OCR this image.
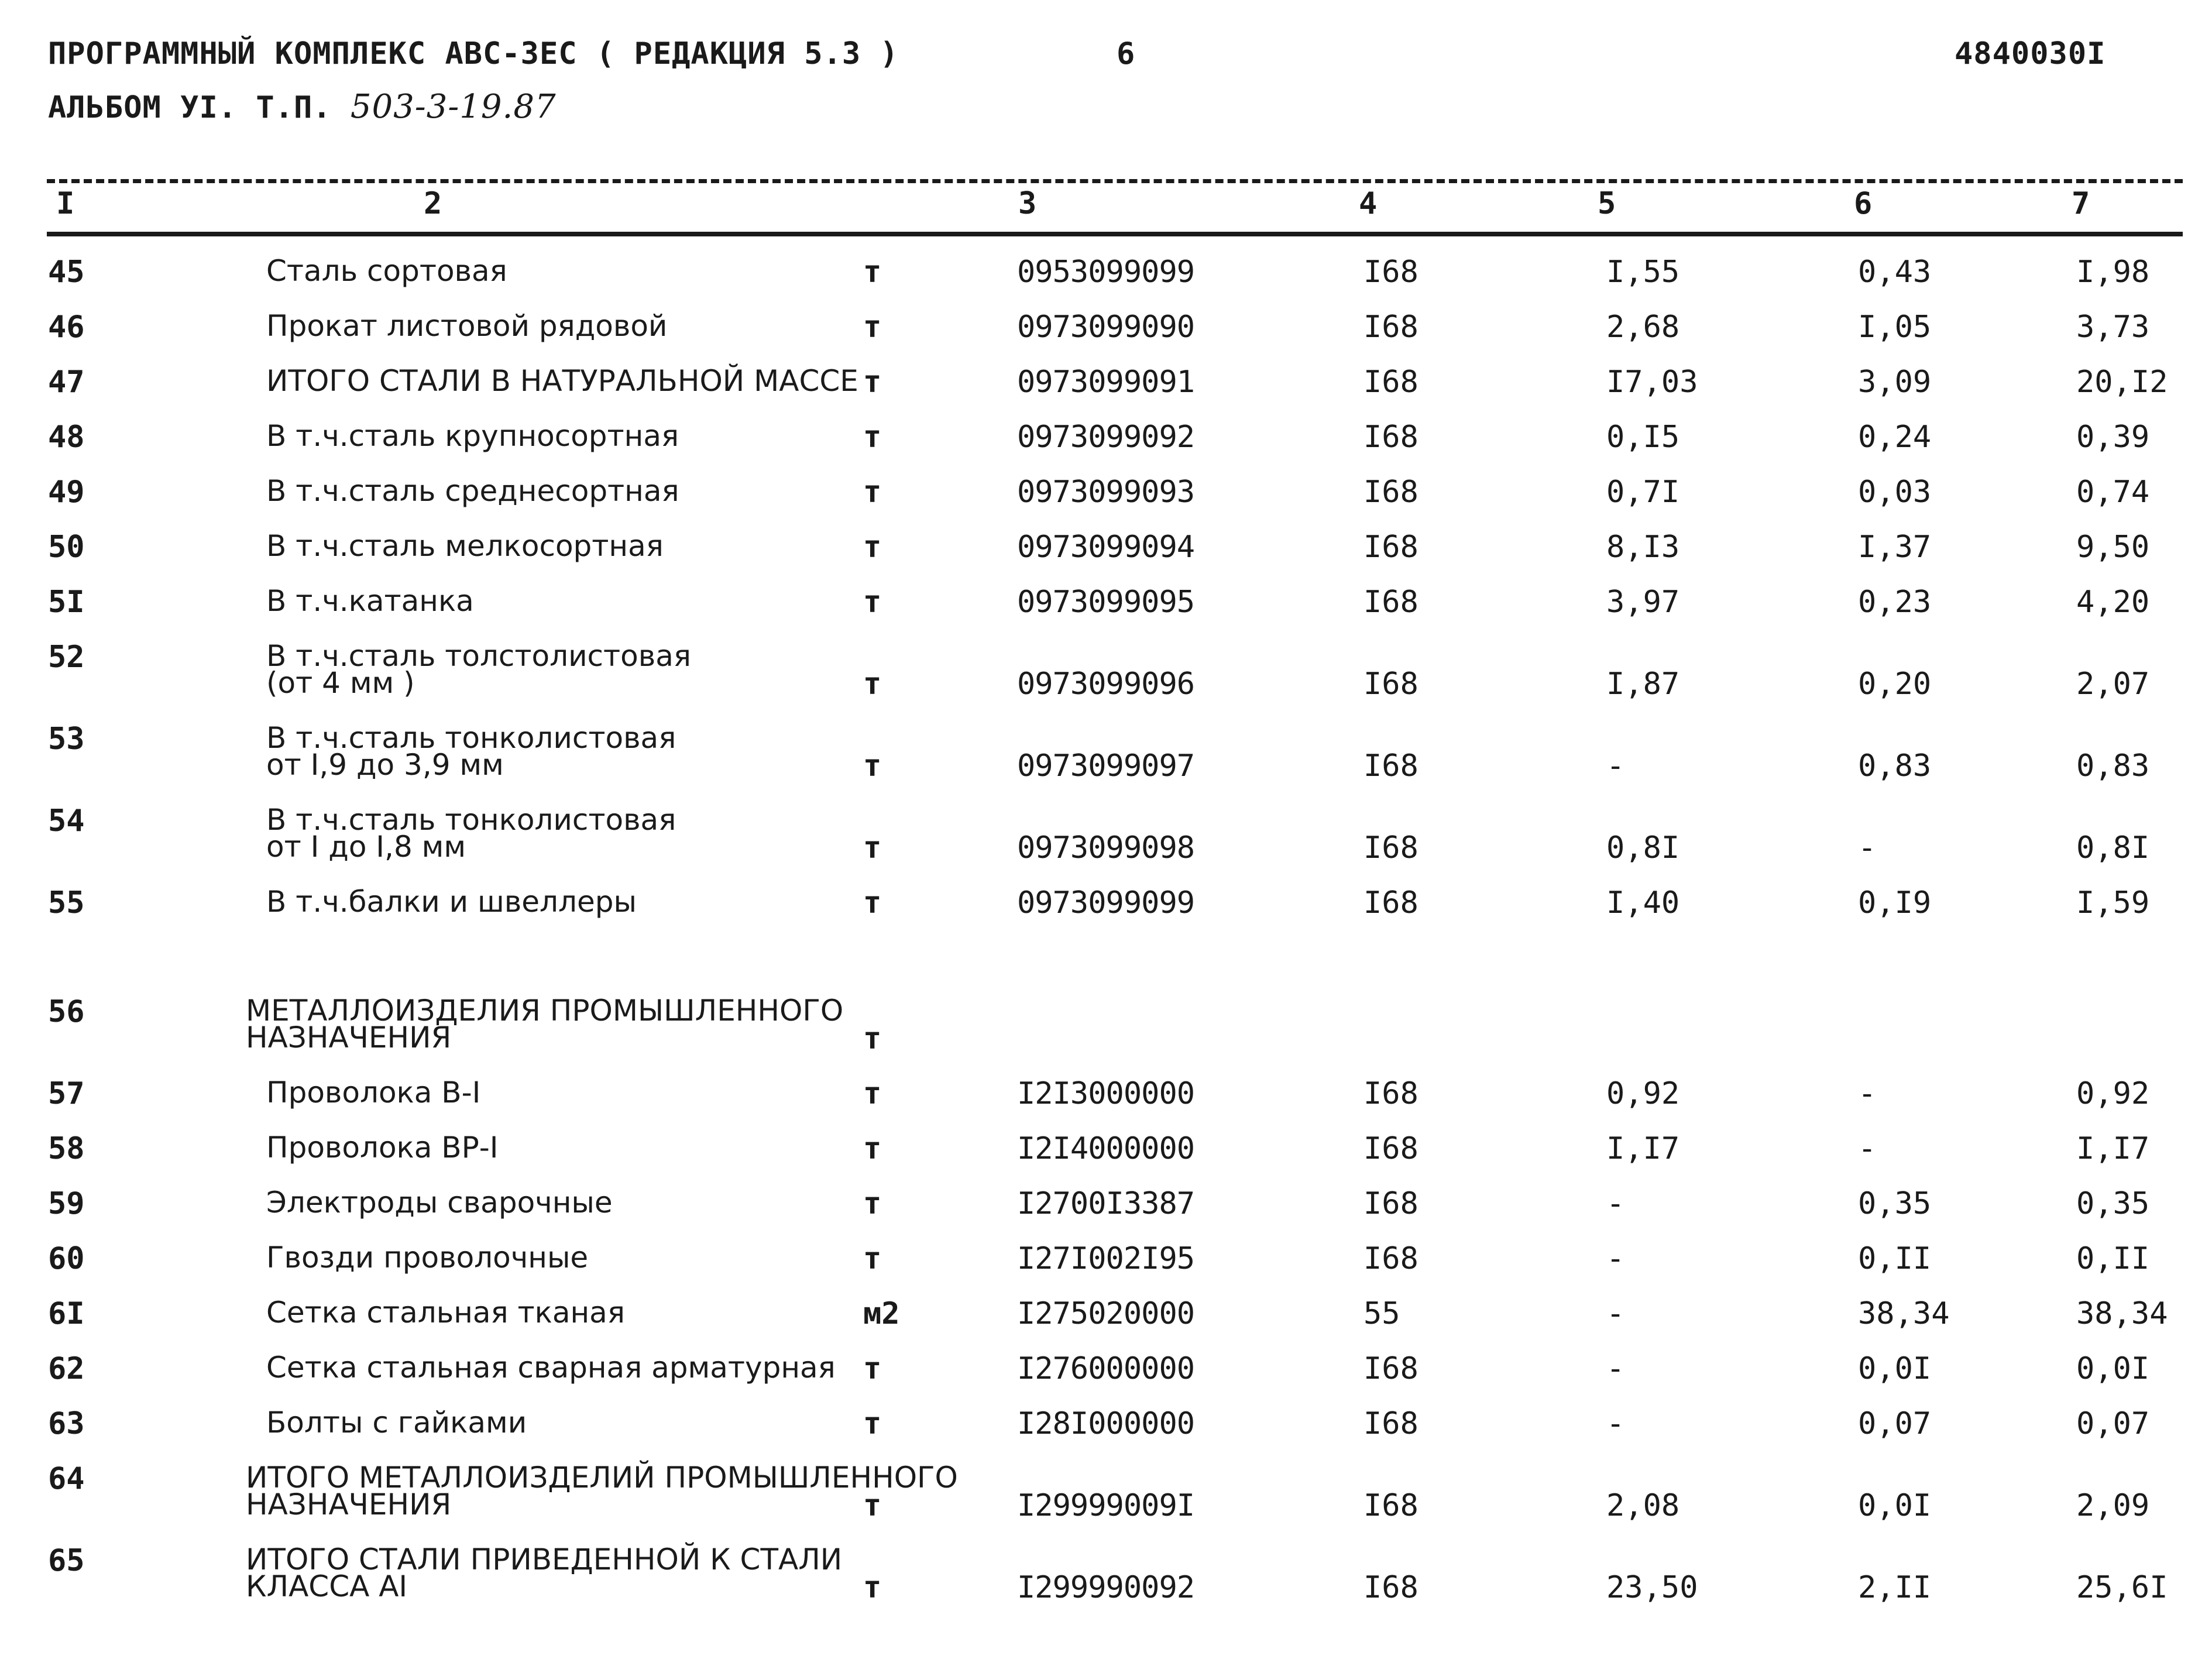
ПРОГРАММНЫЙ КОМПЛЕКС АВС-ЗЕС ( РЕДАКЦИЯ 5.3 )	6	4840030I
АЛЬБОМ УI. Т.П. 503-3-19.87
I	2	3	4	5	6	7
45	Сталь сортовая	т	0953099099	I68	I,55	0,43	I,98
46	Прокат листовой рядовой	т	0973099090	I68	2,68	I,05	3,73
47	ИТОГО СТАЛИ В НАТУРАЛЬНОЙ МАССЕ т	0973099091	I68	I7,03	3,09	20,I2
48	В т.ч.сталь крупносортная	т	0973099092	I68	0,I5	0,24	0,39
49	В т.ч.сталь среднесортная	т	0973099093	I68	0,7I	0,03	0,74
50	В т.ч.сталь мелкосортная	т	0973099094	I68	8,I3	I,37	9,50
5I	В т.ч.катанка	т	0973099095	I68	3,97	0,23	4,20
52	В т.ч.сталь толстолистовая
(от 4 мм )	т	0973099096	I68	I,87	0,20	2,07
53	В т.ч.сталь тонколистовая
от I,9 до 3,9 мм	т	0973099097	I68	-	0,83	0,83
54	В т.ч.сталь тонколистовая
от I до I,8 мм	т	0973099098	I68	0,8I	-	0,8I
55	В т.ч.балки и швеллеры	т	0973099099	I68	I,40	0,I9	I,59
56	МЕТАЛЛОИЗДЕЛИЯ ПРОМЫШЛЕННОГО
НАЗНАЧЕНИЯ	т
57	Проволока В-I	т	I2I3000000	I68	0,92	-	0,92
58	Проволока ВР-I	т	I2I4000000	I68	I,I7	-	I,I7
59	Электроды сварочные	т	I2700I3387	I68	-	0,35	0,35
60	Гвозди проволочные	т	I27I002I95	I68	-	0,II	0,II
6I	Сетка стальная тканая	м2	I275020000	55	-	38,34	38,34
62	Сетка стальная сварная арматурная т	I276000000	I68	-	0,0I	0,0I
63	Болты с гайками	т	I28I000000	I68	-	0,07	0,07
64	ИТОГО МЕТАЛЛОИЗДЕЛИЙ ПРОМЫШЛЕННОГО
НАЗНАЧЕНИЯ	т	I29999009I	I68	2,08	0,0I	2,09
65	ИТОГО СТАЛИ ПРИВЕДЕННОЙ К СТАЛИ
КЛАССА АI	т	I299990092	I68	23,50	2,II	25,6I
